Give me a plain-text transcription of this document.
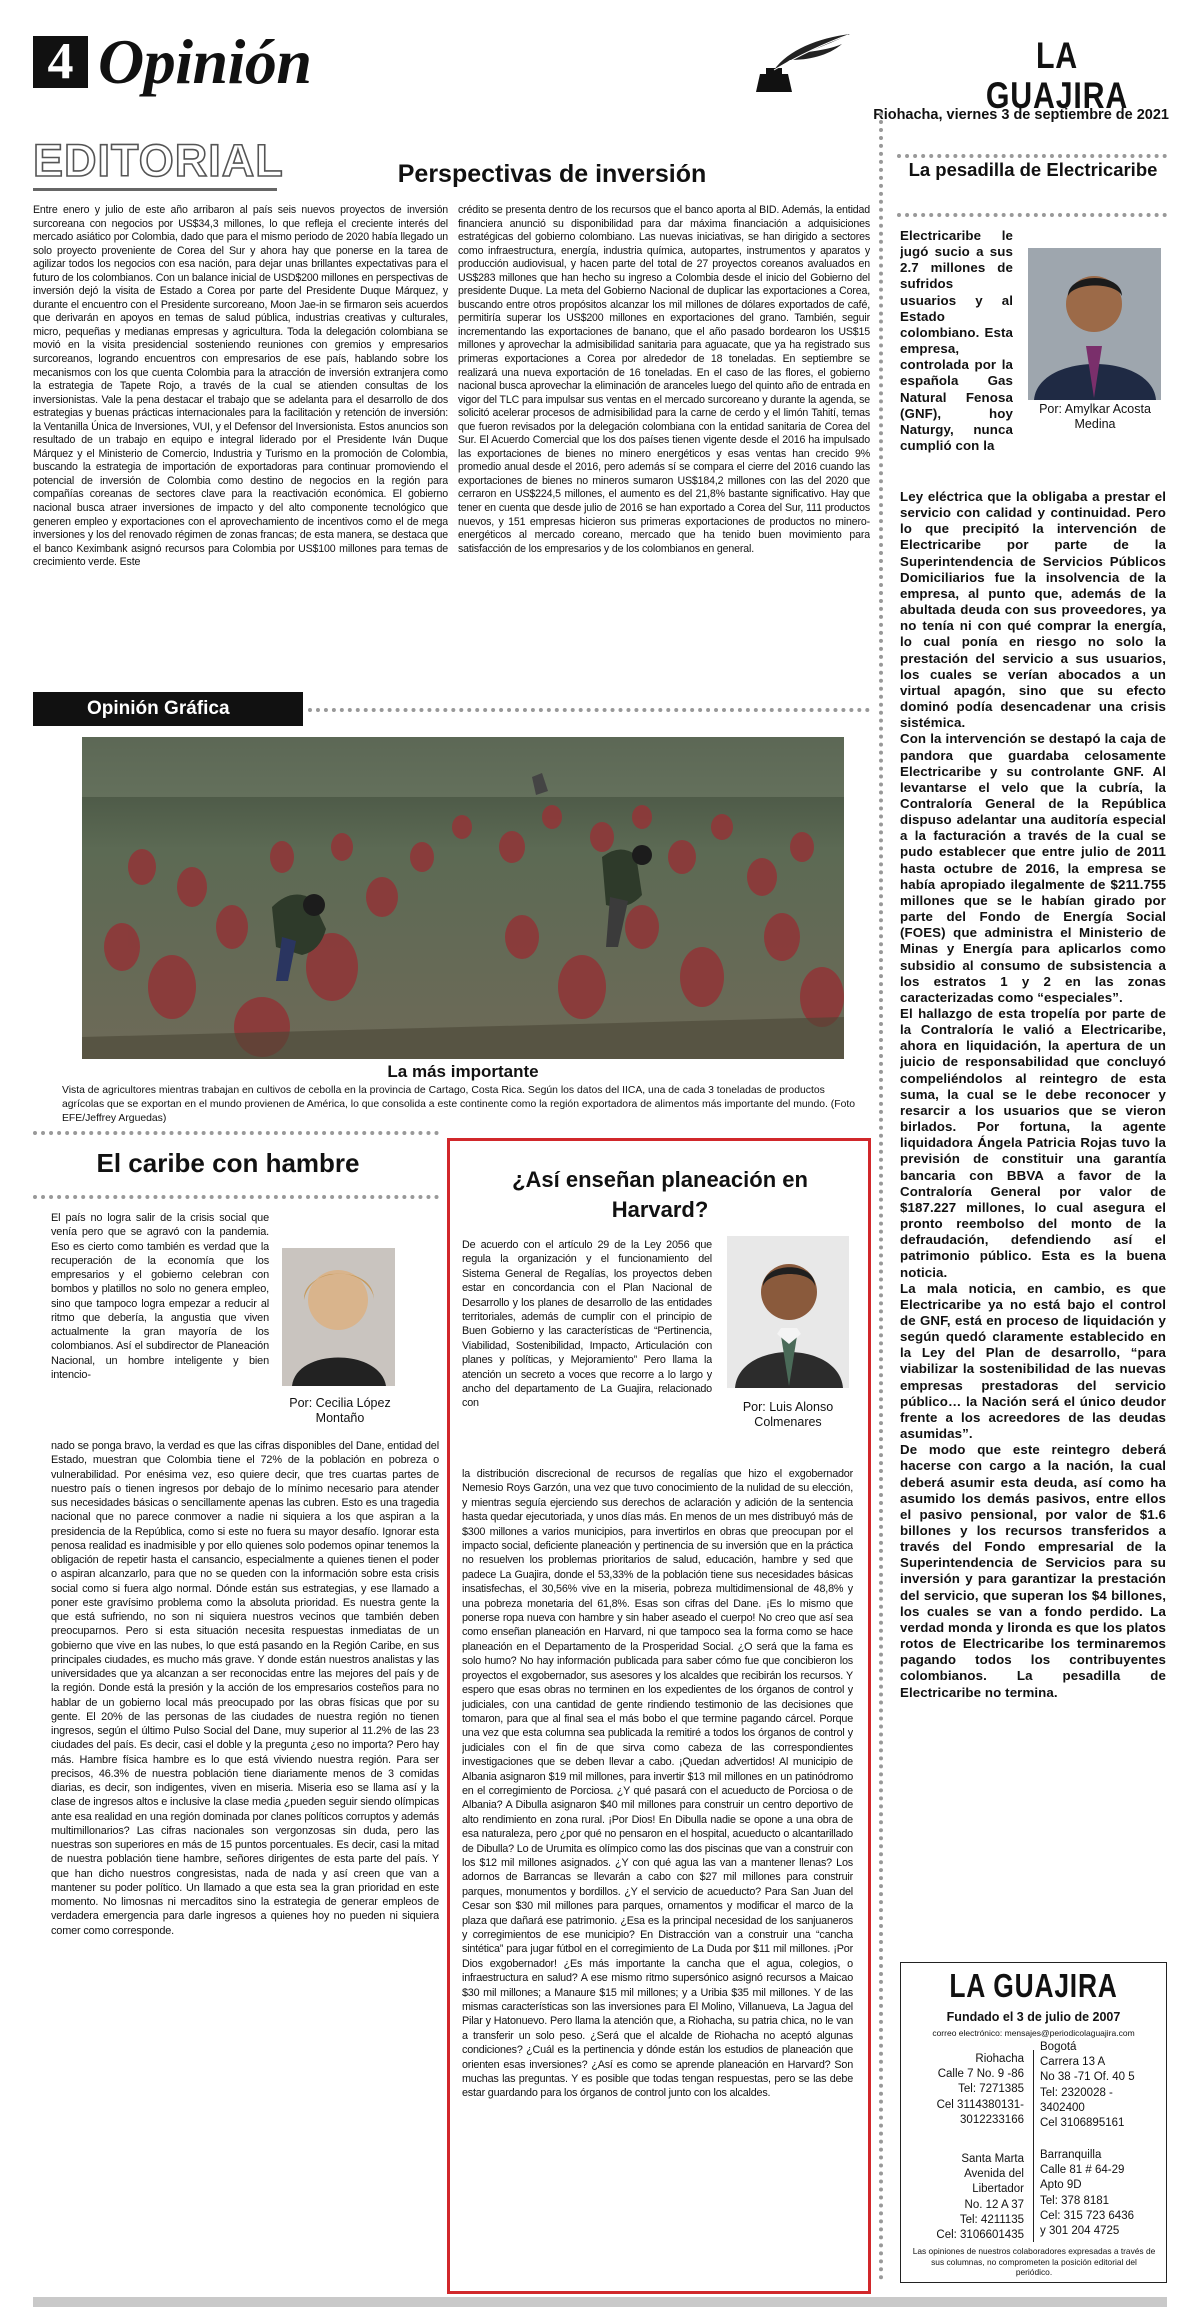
4 Opinión	LA GUAJIRA
Riohacha, viernes 3 de septiembre de 2021
EDITORIAL	Perspectivas de inversión
Entre enero y julio de este año arribaron al país seis nuevos proyectos de inversión surcoreana con negocios por US$34,3 millones, lo que refleja el creciente interés del mercado asiático por Colombia, dado que para el mismo periodo de 2020 había llegado un solo proyecto proveniente de Corea del Sur y ahora hay que ponerse en la tarea de agilizar todos los negocios con esa nación, para dejar unas brillantes expectativas para el futuro de los colombianos. Con un balance inicial de USD$200 millones en perspectivas de inversión dejó la visita de Estado a Corea por parte del Presidente Duque Márquez, y durante el encuentro con el Presidente surcoreano, Moon Jae-in se firmaron seis acuerdos que derivarán en apoyos en temas de salud pública, industrias creativas y culturales, micro, pequeñas y medianas empresas y agricultura. Toda la delegación colombiana se movió en la visita presidencial sosteniendo reuniones con gremios y empresarios surcoreanos, logrando encuentros con empresarios de ese país, hablando sobre los mecanismos con los que cuenta Colombia para la atracción de inversión extranjera como la estrategia de Tapete Rojo, a través de la cual se atienden consultas de los inversionistas. Vale la pena destacar el trabajo que se adelanta para el desarrollo de dos estrategias y buenas prácticas internacionales para la facilitación y retención de inversión: la Ventanilla Única de Inversiones, VUI, y el Defensor del Inversionista. Estos anuncios son resultado de un trabajo en equipo e integral liderado por el Presidente Iván Duque Márquez y el Ministerio de Comercio, Industria y Turismo en la promoción de Colombia, buscando la estrategia de importación de exportadoras para continuar promoviendo el potencial de inversión de Colombia como destino de negocios en la región para compañías coreanas de sectores clave para la reactivación económica. El gobierno nacional busca atraer inversiones de impacto y del alto componente tecnológico que generen empleo y exportaciones con el aprovechamiento de incentivos como el de mega inversiones y los del renovado régimen de zonas francas; de esta manera, se destaca que el banco Keximbank asignó recursos para Colombia por US$100 millones para temas de crecimiento verde. Este
crédito se presenta dentro de los recursos que el banco aporta al BID. Además, la entidad financiera anunció su disponibilidad para dar máxima financiación a adquisiciones estratégicas del gobierno colombiano. Las nuevas iniciativas, se han dirigido a sectores como infraestructura, energía, industria química, autopartes, instrumentos y aparatos y producción audiovisual, y hacen parte del total de 27 proyectos coreanos avaluados en US$283 millones que han hecho su ingreso a Colombia desde el inicio del Gobierno del presidente Duque. La meta del Gobierno Nacional de duplicar las exportaciones a Corea, buscando entre otros propósitos alcanzar los mil millones de dólares exportados de café, permitiría superar los US$200 millones en exportaciones del grano. También, seguir incrementando las exportaciones de banano, que el año pasado bordearon los US$15 millones y aprovechar la admisibilidad sanitaria para aguacate, que ya ha registrado sus primeras exportaciones a Corea por alrededor de 18 toneladas. En septiembre se realizará una nueva exportación de 16 toneladas. En el caso de las flores, el gobierno nacional busca aprovechar la eliminación de aranceles luego del quinto año de entrada en vigor del TLC para impulsar sus ventas en el mercado surcoreano y durante la agenda, se solicitó acelerar procesos de admisibilidad para la carne de cerdo y el limón Tahití, temas que fueron revisados por la delegación colombiana con la entidad sanitaria de Corea del Sur. El Acuerdo Comercial que los dos países tienen vigente desde el 2016 ha impulsado las exportaciones de bienes no minero energéticos y esas ventas han crecido 9% promedio anual desde el 2016, pero además sí se compara el cierre del 2016 cuando las exportaciones de bienes no mineros sumaron US$184,2 millones con las del 2020 que cerraron en US$224,5 millones, el aumento es del 21,8% bastante significativo. Hay que tener en cuenta que desde julio de 2016 se han exportado a Corea del Sur, 111 productos nuevos, y 151 empresas hicieron sus primeras exportaciones de productos no minero-energéticos al mercado coreano, mercado que ha tenido buen movimiento para satisfacción de los empresarios y de los colombianos en general.
Opinión Gráfica
La más importante
Vista de agricultores mientras trabajan en cultivos de cebolla en la provincia de Cartago, Costa Rica. Según los datos del IICA, una de cada 3 toneladas de productos agrícolas que se exportan en el mundo provienen de América, lo que consolida a este continente como la región exportadora de alimentos más importante del mundo. (Foto EFE/Jeffrey Arguedas)
El caribe con hambre
El país no logra salir de la crisis social que venía pero que se agravó con la pandemia. Eso es cierto como también es verdad que la recuperación de la economía que los empresarios y el gobierno celebran con bombos y platillos no solo no genera empleo, sino que tampoco logra empezar a reducir al ritmo que debería, la angustia que viven actualmente la gran mayoría de los colombianos. Así el subdirector de Planeación Nacional, un hombre inteligente y bien intencio-
Por: Cecilia López Montaño
nado se ponga bravo, la verdad es que las cifras disponibles del Dane, entidad del Estado, muestran que Colombia tiene el 72% de la población en pobreza o vulnerabilidad. Por enésima vez, eso quiere decir, que tres cuartas partes de nuestro país o tienen ingresos por debajo de lo mínimo necesario para atender sus necesidades básicas o sencillamente apenas las cubren. Esto es una tragedia nacional que no parece conmover a nadie ni siquiera a los que aspiran a la presidencia de la República, como si este no fuera su mayor desafío. Ignorar esta penosa realidad es inadmisible y por ello quienes solo podemos opinar tenemos la obligación de repetir hasta el cansancio, especialmente a quienes tienen el poder o aspiran alcanzarlo, para que no se queden con la información sobre esta crisis social como si fuera algo normal. Dónde están sus estrategias, y ese llamado a poner este gravísimo problema como la absoluta prioridad. Es nuestra gente la que está sufriendo, no son ni siquiera nuestros vecinos que también deben preocuparnos. Pero si esta situación necesita respuestas inmediatas de un gobierno que vive en las nubes, lo que está pasando en la Región Caribe, en sus principales ciudades, es mucho más grave. Y donde están nuestros analistas y las universidades que ya alcanzan a ser reconocidas entre las mejores del país y de la región. Donde está la presión y la acción de los empresarios costeños para no hablar de un gobierno local más preocupado por las obras físicas que por su gente. El 20% de las personas de las ciudades de nuestra región no tienen ingresos, según el último Pulso Social del Dane, muy superior al 11.2% de las 23 ciudades del país. Es decir, casi el doble y la pregunta ¿eso no importa? Pero hay más. Hambre física hambre es lo que está viviendo nuestra región. Para ser precisos, 46.3% de nuestra población tiene diariamente menos de 3 comidas diarias, es decir, son indigentes, viven en miseria. Miseria eso se llama así y la clase de ingresos altos e inclusive la clase media ¿pueden seguir siendo olímpicas ante esa realidad en una región dominada por clanes políticos corruptos y además multimillonarios? Las cifras nacionales son vergonzosas sin duda, pero las nuestras son superiores en más de 15 puntos porcentuales. Es decir, casi la mitad de nuestra población tiene hambre, señores dirigentes de esta parte del país. Y que han dicho nuestros congresistas, nada de nada y así creen que van a mantener su poder político. Un llamado a que esta sea la gran prioridad en este momento. No limosnas ni mercaditos sino la estrategia de generar empleos de verdadera emergencia para darle ingresos a quienes hoy no pueden ni siquiera comer como corresponde.
¿Así enseñan planeación en Harvard?
De acuerdo con el artículo 29 de la Ley 2056 que regula la organización y el funcionamiento del Sistema General de Regalías, los proyectos deben estar en concordancia con el Plan Nacional de Desarrollo y los planes de desarrollo de las entidades territoriales, además de cumplir con el principio de Buen Gobierno y las características de “Pertinencia, Viabilidad, Sostenibilidad, Impacto, Articulación con planes y políticas, y Mejoramiento” Pero llama la atención un secreto a voces que recorre a lo largo y ancho del departamento de La Guajira, relacionado con	Por: Luis Alonso Colmenares
la distribución discrecional de recursos de regalías que hizo el exgobernador Nemesio Roys Garzón, una vez que tuvo conocimiento de la nulidad de su elección, y mientras seguía ejerciendo sus derechos de aclaración y adición de la sentencia hasta quedar ejecutoriada, y unos días más. En menos de un mes distribuyó más de $300 millones a varios municipios, para invertirlos en obras que preocupan por el impacto social, deficiente planeación y pertinencia de su inversión que en la práctica no resuelven los problemas prioritarios de salud, educación, hambre y sed que padece La Guajira, donde el 53,33% de la población tiene sus necesidades básicas insatisfechas, el 30,56% vive en la miseria, pobreza multidimensional de 48,8% y una pobreza monetaria del 61,8%. Esas son cifras del Dane. ¡Es lo mismo que ponerse ropa nueva con hambre y sin haber aseado el cuerpo! No creo que así sea como enseñan planeación en Harvard, ni que tampoco sea la forma como se hace planeación en el Departamento de la Prosperidad Social. ¿O será que la fama es solo humo? No hay información publicada para saber cómo fue que concibieron los proyectos el exgobernador, sus asesores y los alcaldes que recibirán los recursos. Y espero que esas obras no terminen en los expedientes de los órganos de control y judiciales, con una cantidad de gente rindiendo testimonio de las decisiones que tomaron, para que al final sea el más bobo el que termine pagando cárcel. Porque una vez que esta columna sea publicada la remitiré a todos los órganos de control y judiciales con el fin de que sirva como cabeza de las correspondientes investigaciones que se deben llevar a cabo. ¡Quedan advertidos! Al municipio de Albania asignaron $19 mil millones, para invertir $13 mil millones en un patinódromo en el corregimiento de Porciosa. ¿Y qué pasará con el acueducto de Porciosa o de Albania? A Dibulla asignaron $40 mil millones para construir un centro deportivo de alto rendimiento en zona rural. ¡Por Dios! En Dibulla nadie se opone a una obra de esa naturaleza, pero ¿por qué no pensaron en el hospital, acueducto o alcantarillado de Dibulla? Lo de Urumita es olímpico como las dos piscinas que van a construir con los $12 mil millones asignados. ¿Y con qué agua las van a mantener llenas? Los adornos de Barrancas se llevarán a cabo con $27 mil millones para construir parques, monumentos y bordillos. ¿Y el servicio de acueducto? Para San Juan del Cesar son $30 mil millones para parques, ornamentos y modificar el marco de la plaza que dañará ese patrimonio. ¿Esa es la principal necesidad de los sanjuaneros y corregimientos de ese municipio? En Distracción van a construir una “cancha sintética” para jugar fútbol en el corregimiento de La Duda por $11 mil millones. ¡Por Dios exgobernador! ¿Es más importante la cancha que el agua, colegios, o infraestructura en salud? A ese mismo ritmo supersónico asignó recursos a Maicao $30 mil millones; a Manaure $15 mil millones; y a Uribia $35 mil millones. Y de las mismas características son las inversiones para El Molino, Villanueva, La Jagua del Pilar y Hatonuevo. Pero llama la atención que, a Riohacha, su patria chica, no le van a transferir un solo peso. ¿Será que el alcalde de Riohacha no aceptó algunas condiciones? ¿Cuál es la pertinencia y dónde están los estudios de planeación que orienten esas inversiones? ¿Así es como se aprende planeación en Harvard? Son muchas las preguntas. Y es posible que todas tengan respuestas, pero se las debe estar guardando para los órganos de control junto con los alcaldes.
La pesadilla de Electricaribe
Electricaribe le jugó sucio a sus 2.7 millones de sufridos usuarios y al Estado colombiano. Esta empresa, controlada por la española Gas Natural Fenosa (GNF), hoy Naturgy, nunca cumplió con la
Por: Amylkar Acosta Medina

Ley eléctrica que la obligaba a prestar el servicio con calidad y continuidad. Pero lo que precipitó la intervención de Electricaribe por parte de la Superintendencia de Servicios Públicos Domiciliarios fue la insolvencia de la empresa, al punto que, además de la abultada deuda con sus proveedores, ya no tenía ni con qué comprar la energía, lo cual ponía en riesgo no solo la prestación del servicio a sus usuarios, los cuales se verían abocados a un virtual apagón, sino que su efecto dominó podía desencadenar una crisis sistémica.

Con la intervención se destapó la caja de pandora que guardaba celosamente Electricaribe y su controlante GNF. Al levantarse el velo que la cubría, la Contraloría General de la República dispuso adelantar una auditoría especial a la facturación a través de la cual se pudo establecer que entre julio de 2011 hasta octubre de 2016, la empresa se había apropiado ilegalmente de $211.755 millones que se le habían girado por parte del Fondo de Energía Social (FOES) que administra el Ministerio de Minas y Energía para aplicarlos como subsidio al consumo de subsistencia a los estratos 1 y 2 en las zonas caracterizadas como “especiales”.

El hallazgo de esta tropelía por parte de la Contraloría le valió a Electricaribe, ahora en liquidación, la apertura de un juicio de responsabilidad que concluyó compeliéndolos al reintegro de esta suma, la cual se le debe reconocer y resarcir a los usuarios que se vieron birlados. Por fortuna, la agente liquidadora Ángela Patricia Rojas tuvo la previsión de constituir una garantía bancaria con BBVA a favor de la Contraloría General por valor de $187.227 millones, lo cual asegura el pronto reembolso del monto de la defraudación, defendiendo así el patrimonio público. Esta es la buena noticia.

La mala noticia, en cambio, es que Electricaribe ya no está bajo el control de GNF, está en proceso de liquidación y según quedó claramente establecido en la Ley del Plan de desarrollo, “para viabilizar la sostenibilidad de las nuevas empresas prestadoras del servicio público… la Nación será el único deudor frente a los acreedores de las deudas asumidas”.

De modo que este reintegro deberá hacerse con cargo a la nación, la cual deberá asumir esta deuda, así como ha asumido los demás pasivos, entre ellos el pasivo pensional, por valor de $1.6 billones y los recursos transferidos a través del Fondo empresarial de la Superintendencia de Servicios para su inversión y para garantizar la prestación del servicio, que superan los $4 billones, los cuales se van a fondo perdido. La verdad monda y lironda es que los platos rotos de Electricaribe los terminaremos pagando todos los contribuyentes colombianos. La pesadilla de Electricaribe no termina.

LA GUAJIRA
Fundado el 3 de julio de 2007
correo electrónico: mensajes@periodicolaguajira.com
Riohacha
Calle 7 No. 9 -86
Tel: 7271385
Cel 3114380131-
3012233166
Santa Marta
Avenida del
Libertador
No. 12 A 37
Tel: 4211135
Cel: 3106601435
Bogotá
Carrera 13 A
No 38 -71 Of. 40 5
Tel: 2320028 -
3402400
Cel 3106895161
Barranquilla
Calle 81 # 64-29
Apto 9D
Tel: 378 8181
Cel: 315 723 6436
y 301 204 4725
Las opiniones de nuestros colaboradores expresadas a través de sus columnas, no comprometen la posición editorial del periódico.
